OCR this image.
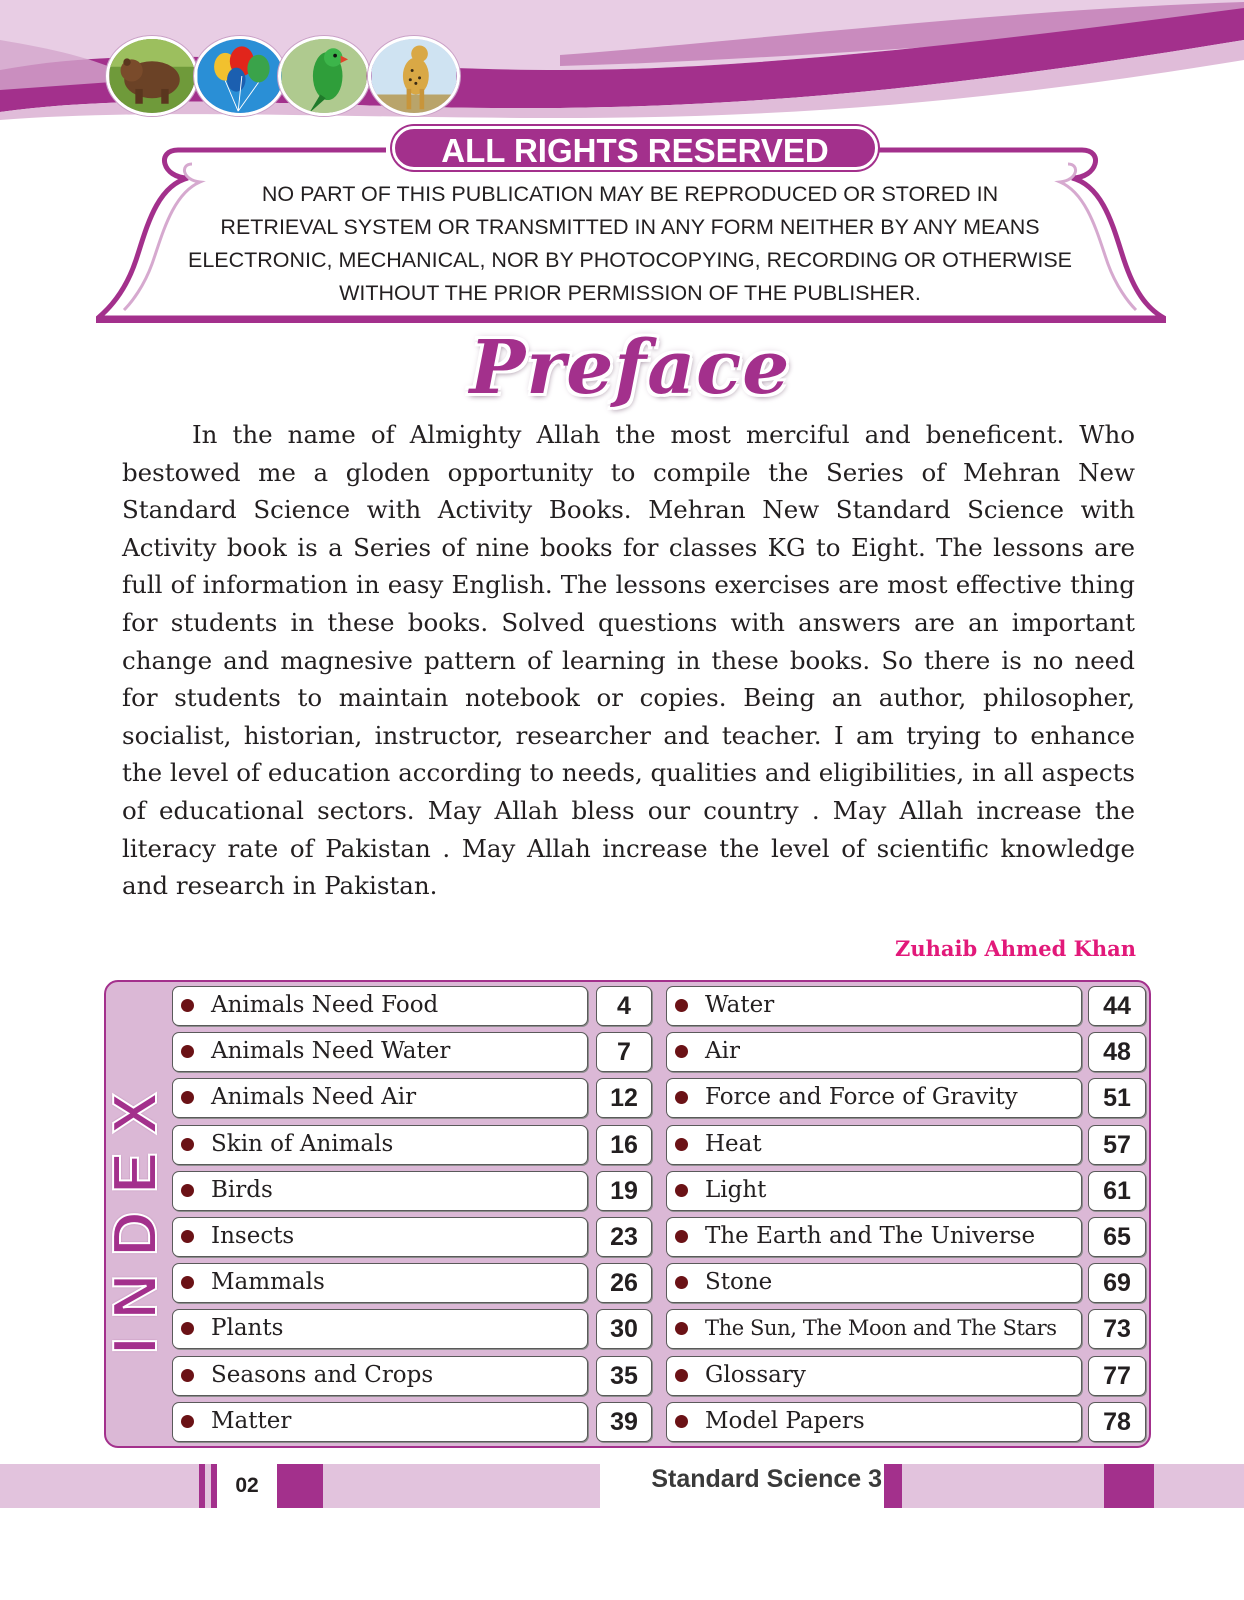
ALL RIGHTS RESERVED
NO PART OF THIS PUBLICATION MAY BE REPRODUCED OR STORED IN
RETRIEVAL SYSTEM OR TRANSMITTED IN ANY FORM NEITHER BY ANY MEANS
ELECTRONIC, MECHANICAL, NOR BY PHOTOCOPYING, RECORDING OR OTHERWISE
WITHOUT THE PRIOR PERMISSION OF THE PUBLISHER.
Preface

In the name of Almighty Allah the most merciful and beneficent. Who bestowed me a gloden opportunity to compile the Series of Mehran New Standard Science with Activity Books. Mehran New Standard Science with Activity book is a Series of nine books for classes KG to Eight. The lessons are full of information in easy English. The lessons exercises are most effective thing for students in these books. Solved questions with answers are an important change and magnesive pattern of learning in these books. So there is no need for students to maintain notebook or copies. Being an author, philosopher, socialist, historian, instructor, researcher and teacher. I am trying to enhance the level of education according to needs, qualities and eligibilities, in all aspects of educational sectors. May Allah bless our country . May Allah increase the literacy rate of Pakistan . May Allah increase the level of scientific knowledge and research in Pakistan.

Zuhaib Ahmed Khan
INDEX
Animals Need Food	4
Animals Need Water	7
Animals Need Air	12
Skin of Animals	16
Birds	19
Insects	23
Mammals	26
Plants	30
Seasons and Crops	35
Matter	39
Water	44
Air	48
Force and Force of Gravity	51
Heat	57
Light	61
The Earth and The Universe	65
Stone	69
The Sun, The Moon and The Stars	73
Glossary	77
Model Papers	78
02	Standard Science 3
